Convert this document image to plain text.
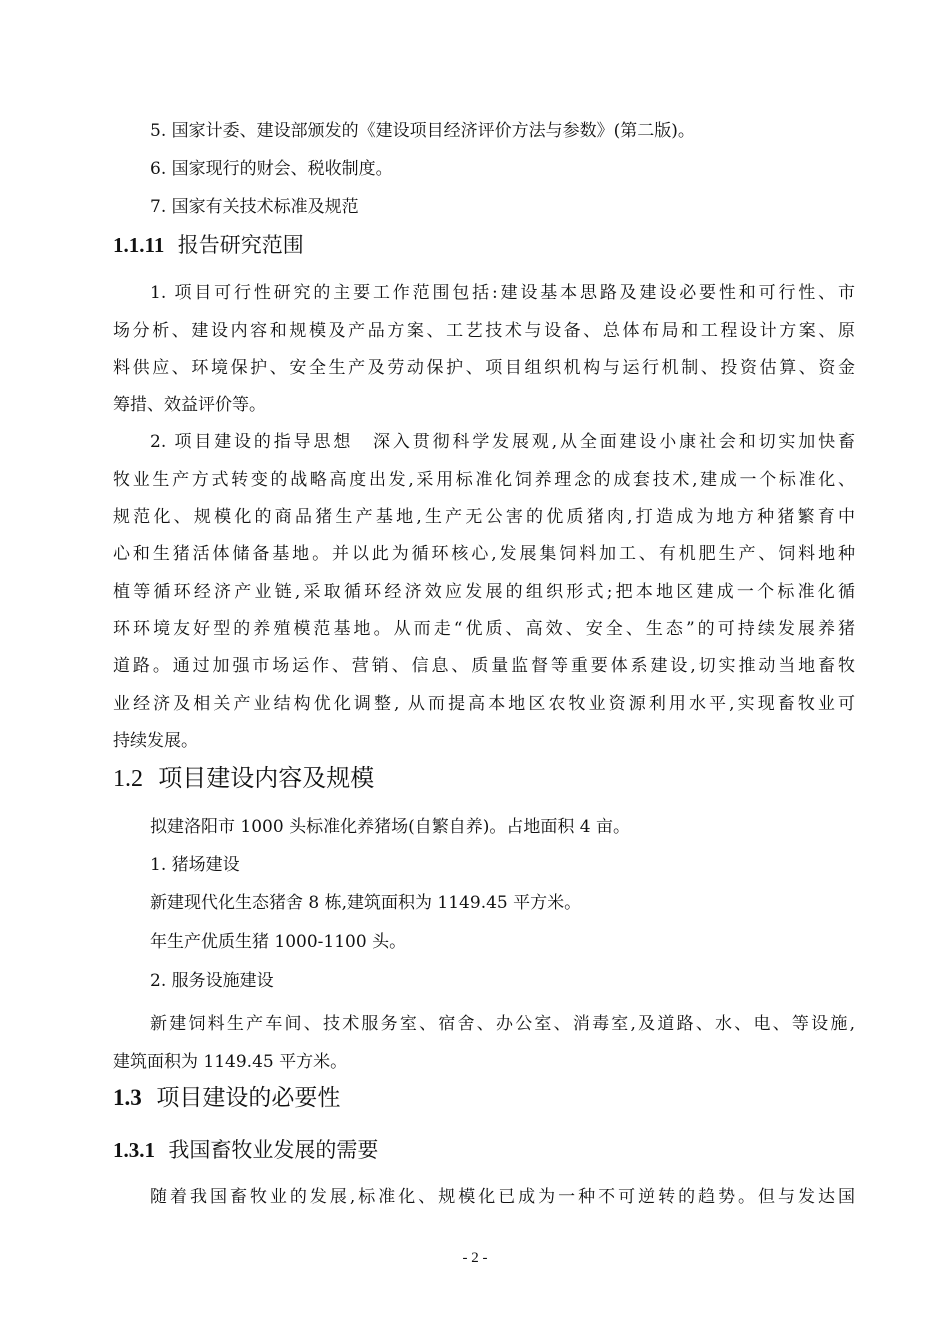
5. 国家计委、建设部颁发的《建设项目经济评价方法与参数》(第二版)。
6. 国家现行的财会、税收制度。
7. 国家有关技术标准及规范
1.1.11 报告研究范围
1. 项目可行性研究的主要工作范围包括:建设基本思路及建设必要性和可行性、市
场分析、建设内容和规模及产品方案、工艺技术与设备、总体布局和工程设计方案、原
料供应、环境保护、安全生产及劳动保护、项目组织机构与运行机制、投资估算、资金
筹措、效益评价等。
2. 项目建设的指导思想　深入贯彻科学发展观,从全面建设小康社会和切实加快畜
牧业生产方式转变的战略高度出发,采用标准化饲养理念的成套技术,建成一个标准化、
规范化、规模化的商品猪生产基地,生产无公害的优质猪肉,打造成为地方种猪繁育中
心和生猪活体储备基地。并以此为循环核心,发展集饲料加工、有机肥生产、饲料地种
植等循环经济产业链,采取循环经济效应发展的组织形式;把本地区建成一个标准化循
环环境友好型的养殖模范基地。从而走“优质、高效、安全、生态”的可持续发展养猪
道路。通过加强市场运作、营销、信息、质量监督等重要体系建设,切实推动当地畜牧
业经济及相关产业结构优化调整, 从而提高本地区农牧业资源利用水平,实现畜牧业可
持续发展。
1.2 项目建设内容及规模
拟建洛阳市 1000 头标准化养猪场(自繁自养)。占地面积 4 亩。
1. 猪场建设
新建现代化生态猪舍 8 栋,建筑面积为 1149.45 平方米。
年生产优质生猪 1000-1100 头。
2. 服务设施建设
新建饲料生产车间、技术服务室、宿舍、办公室、消毒室,及道路、水、电、等设施,
建筑面积为 1149.45 平方米。
1.3 项目建设的必要性
1.3.1 我国畜牧业发展的需要
随着我国畜牧业的发展,标准化、规模化已成为一种不可逆转的趋势。但与发达国
- 2 -
